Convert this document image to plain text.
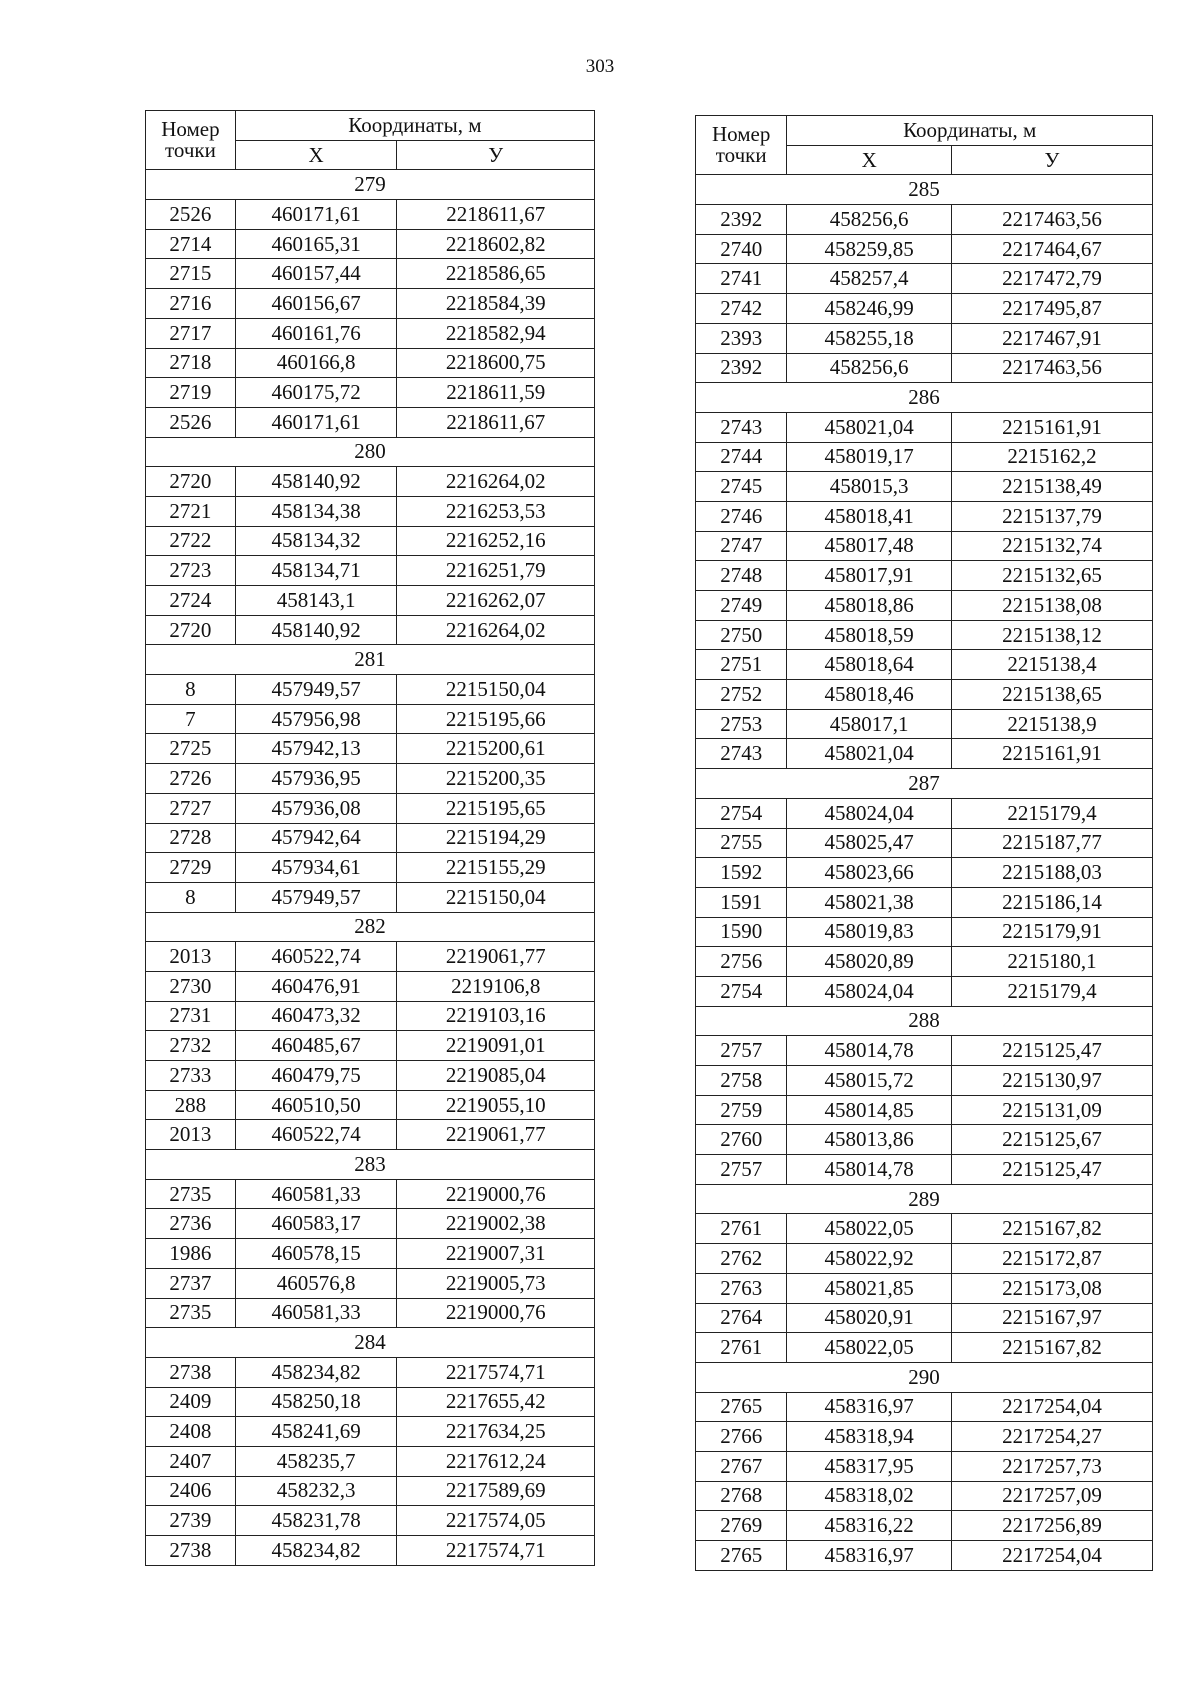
303
Номер
точки	Координаты, м	
	Х	У
279		
2526	460171,61	2218611,67
2714	460165,31	2218602,82
2715	460157,44	2218586,65
2716	460156,67	2218584,39
2717	460161,76	2218582,94
2718	460166,8	2218600,75
2719	460175,72	2218611,59
2526	460171,61	2218611,67
280		
2720	458140,92	2216264,02
2721	458134,38	2216253,53
2722	458134,32	2216252,16
2723	458134,71	2216251,79
2724	458143,1	2216262,07
2720	458140,92	2216264,02
281		
8	457949,57	2215150,04
7	457956,98	2215195,66
2725	457942,13	2215200,61
2726	457936,95	2215200,35
2727	457936,08	2215195,65
2728	457942,64	2215194,29
2729	457934,61	2215155,29
8	457949,57	2215150,04
282		
2013	460522,74	2219061,77
2730	460476,91	2219106,8
2731	460473,32	2219103,16
2732	460485,67	2219091,01
2733	460479,75	2219085,04
288	460510,50	2219055,10
2013	460522,74	2219061,77
283		
2735	460581,33	2219000,76
2736	460583,17	2219002,38
1986	460578,15	2219007,31
2737	460576,8	2219005,73
2735	460581,33	2219000,76
284		
2738	458234,82	2217574,71
2409	458250,18	2217655,42
2408	458241,69	2217634,25
2407	458235,7	2217612,24
2406	458232,3	2217589,69
2739	458231,78	2217574,05
2738	458234,82	2217574,71
Номер
точки	Координаты, м	
	Х	У
285		
2392	458256,6	2217463,56
2740	458259,85	2217464,67
2741	458257,4	2217472,79
2742	458246,99	2217495,87
2393	458255,18	2217467,91
2392	458256,6	2217463,56
286		
2743	458021,04	2215161,91
2744	458019,17	2215162,2
2745	458015,3	2215138,49
2746	458018,41	2215137,79
2747	458017,48	2215132,74
2748	458017,91	2215132,65
2749	458018,86	2215138,08
2750	458018,59	2215138,12
2751	458018,64	2215138,4
2752	458018,46	2215138,65
2753	458017,1	2215138,9
2743	458021,04	2215161,91
287		
2754	458024,04	2215179,4
2755	458025,47	2215187,77
1592	458023,66	2215188,03
1591	458021,38	2215186,14
1590	458019,83	2215179,91
2756	458020,89	2215180,1
2754	458024,04	2215179,4
288		
2757	458014,78	2215125,47
2758	458015,72	2215130,97
2759	458014,85	2215131,09
2760	458013,86	2215125,67
2757	458014,78	2215125,47
289		
2761	458022,05	2215167,82
2762	458022,92	2215172,87
2763	458021,85	2215173,08
2764	458020,91	2215167,97
2761	458022,05	2215167,82
290		
2765	458316,97	2217254,04
2766	458318,94	2217254,27
2767	458317,95	2217257,73
2768	458318,02	2217257,09
2769	458316,22	2217256,89
2765	458316,97	2217254,04
